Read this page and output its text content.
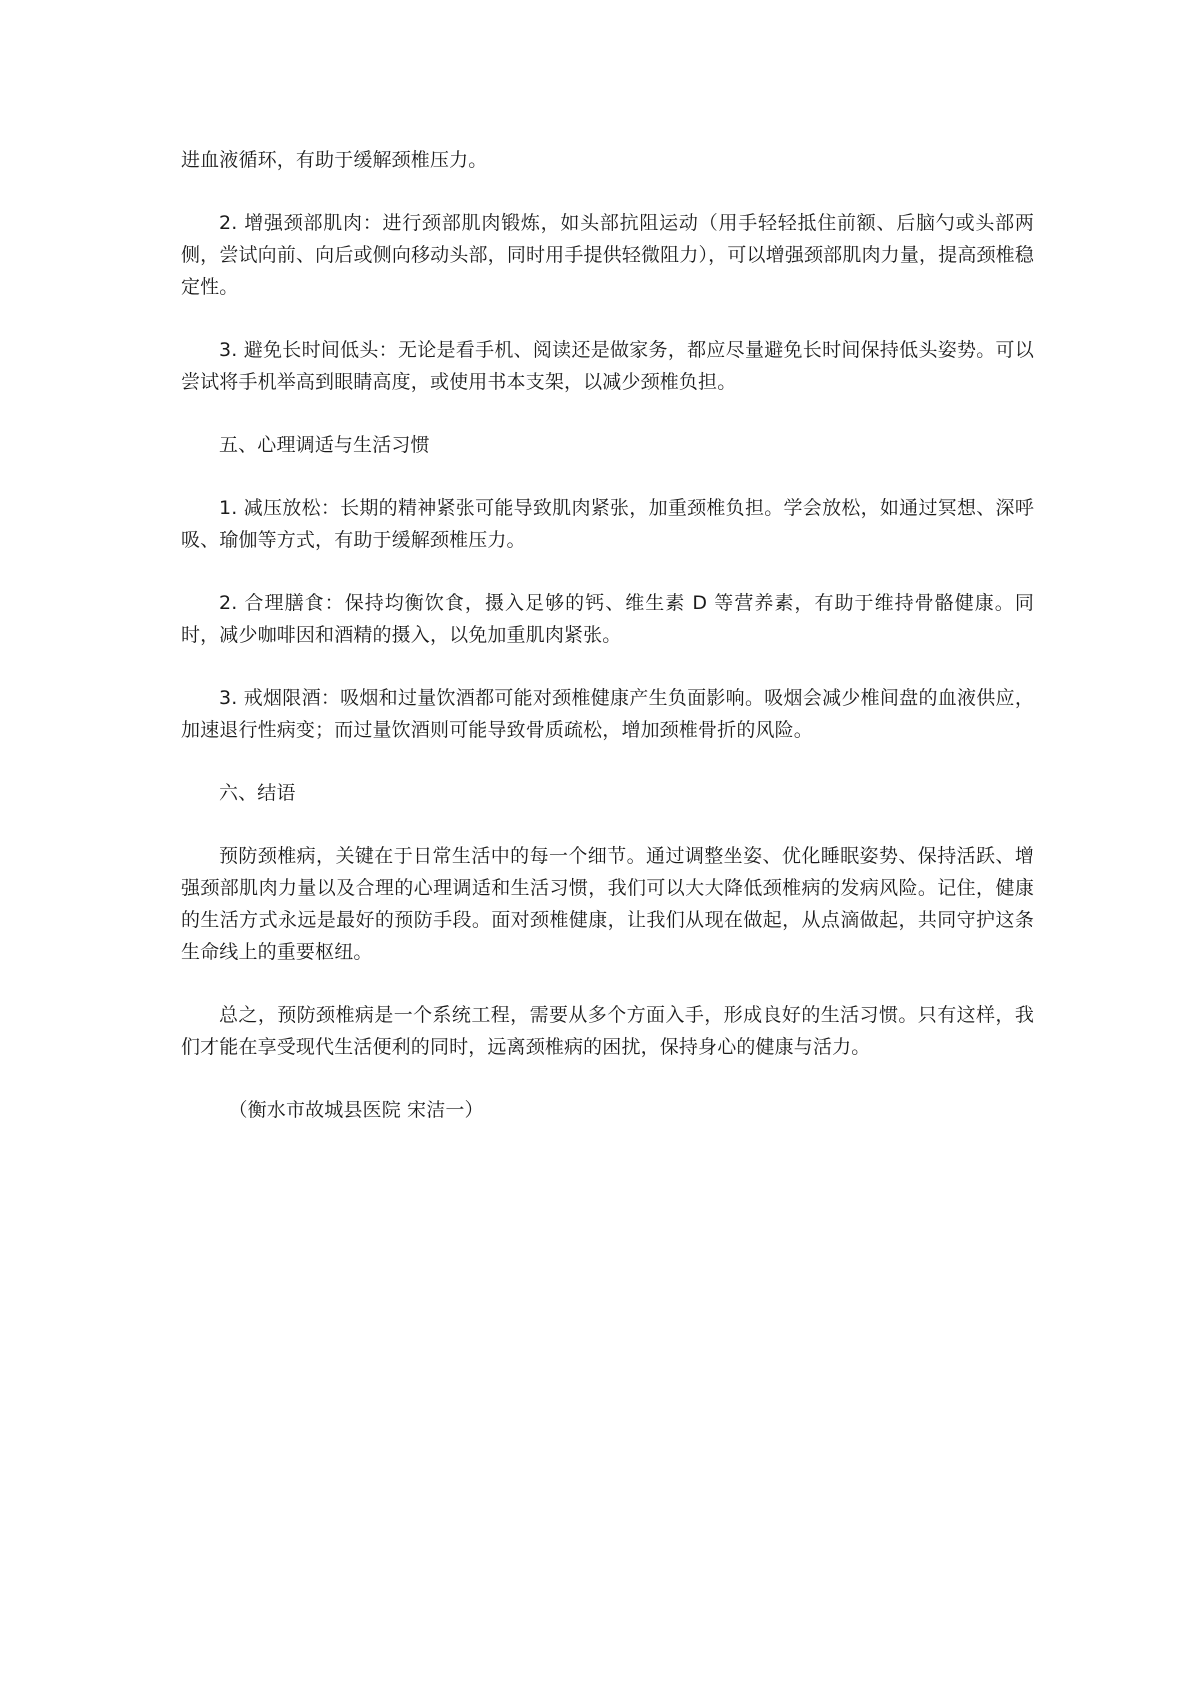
进血液循环，有助于缓解颈椎压力。

2. 增强颈部肌肉：进行颈部肌肉锻炼，如头部抗阻运动（用手轻轻抵住前额、后脑勺或头部两侧，尝试向前、向后或侧向移动头部，同时用手提供轻微阻力），可以增强颈部肌肉力量，提高颈椎稳定性。

3. 避免长时间低头：无论是看手机、阅读还是做家务，都应尽量避免长时间保持低头姿势。可以尝试将手机举高到眼睛高度，或使用书本支架，以减少颈椎负担。

五、心理调适与生活习惯

1. 减压放松：长期的精神紧张可能导致肌肉紧张，加重颈椎负担。学会放松，如通过冥想、深呼吸、瑜伽等方式，有助于缓解颈椎压力。

2. 合理膳食：保持均衡饮食，摄入足够的钙、维生素 D 等营养素，有助于维持骨骼健康。同时，减少咖啡因和酒精的摄入，以免加重肌肉紧张。

3. 戒烟限酒：吸烟和过量饮酒都可能对颈椎健康产生负面影响。吸烟会减少椎间盘的血液供应，加速退行性病变；而过量饮酒则可能导致骨质疏松，增加颈椎骨折的风险。

六、结语

预防颈椎病，关键在于日常生活中的每一个细节。通过调整坐姿、优化睡眠姿势、保持活跃、增强颈部肌肉力量以及合理的心理调适和生活习惯，我们可以大大降低颈椎病的发病风险。记住，健康的生活方式永远是最好的预防手段。面对颈椎健康，让我们从现在做起，从点滴做起，共同守护这条生命线上的重要枢纽。

总之，预防颈椎病是一个系统工程，需要从多个方面入手，形成良好的生活习惯。只有这样，我们才能在享受现代生活便利的同时，远离颈椎病的困扰，保持身心的健康与活力。

（衡水市故城县医院 宋洁一）
